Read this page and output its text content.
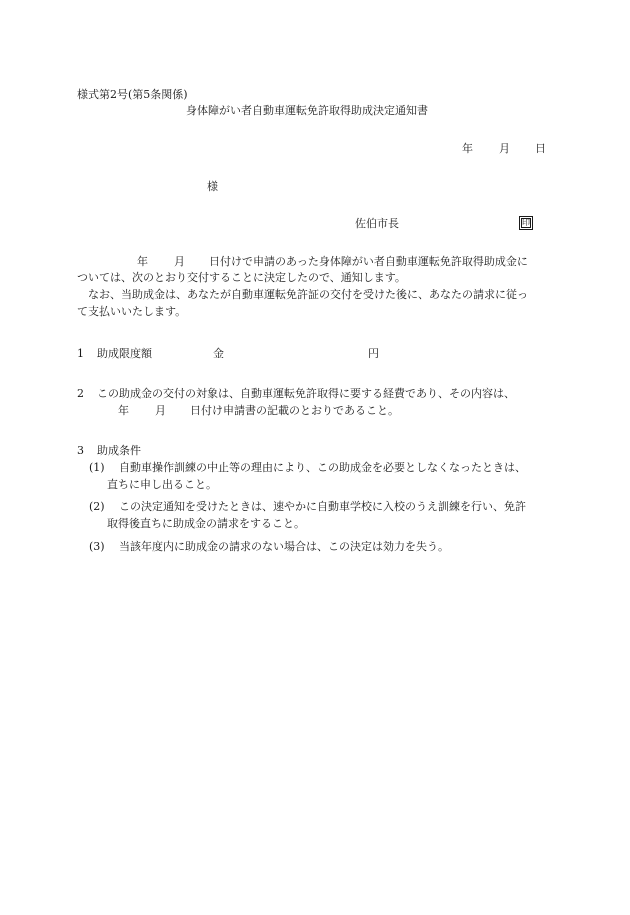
様式第2号(第5条関係)
身体障がい者自動車運転免許取得助成決定通知書
年 月 日
様
佐伯市長	印
年 月 日付けで申請のあった身体障がい者自動車運転免許取得助成金に
ついては、次のとおり交付することに決定したので、通知します。
なお、当助成金は、あなたが自動車運転免許証の交付を受けた後に、あなたの請求に従っ
て支払いいたします。
1 助成限度額	金	円
2 この助成金の交付の対象は、自動車運転免許取得に要する経費であり、その内容は、
年 月 日付け申請書の記載のとおりであること。
3 助成条件
(1) 自動車操作訓練の中止等の理由により、この助成金を必要としなくなったときは、
直ちに申し出ること。
(2) この決定通知を受けたときは、速やかに自動車学校に入校のうえ訓練を行い、免許
取得後直ちに助成金の請求をすること。
(3) 当該年度内に助成金の請求のない場合は、この決定は効力を失う。
